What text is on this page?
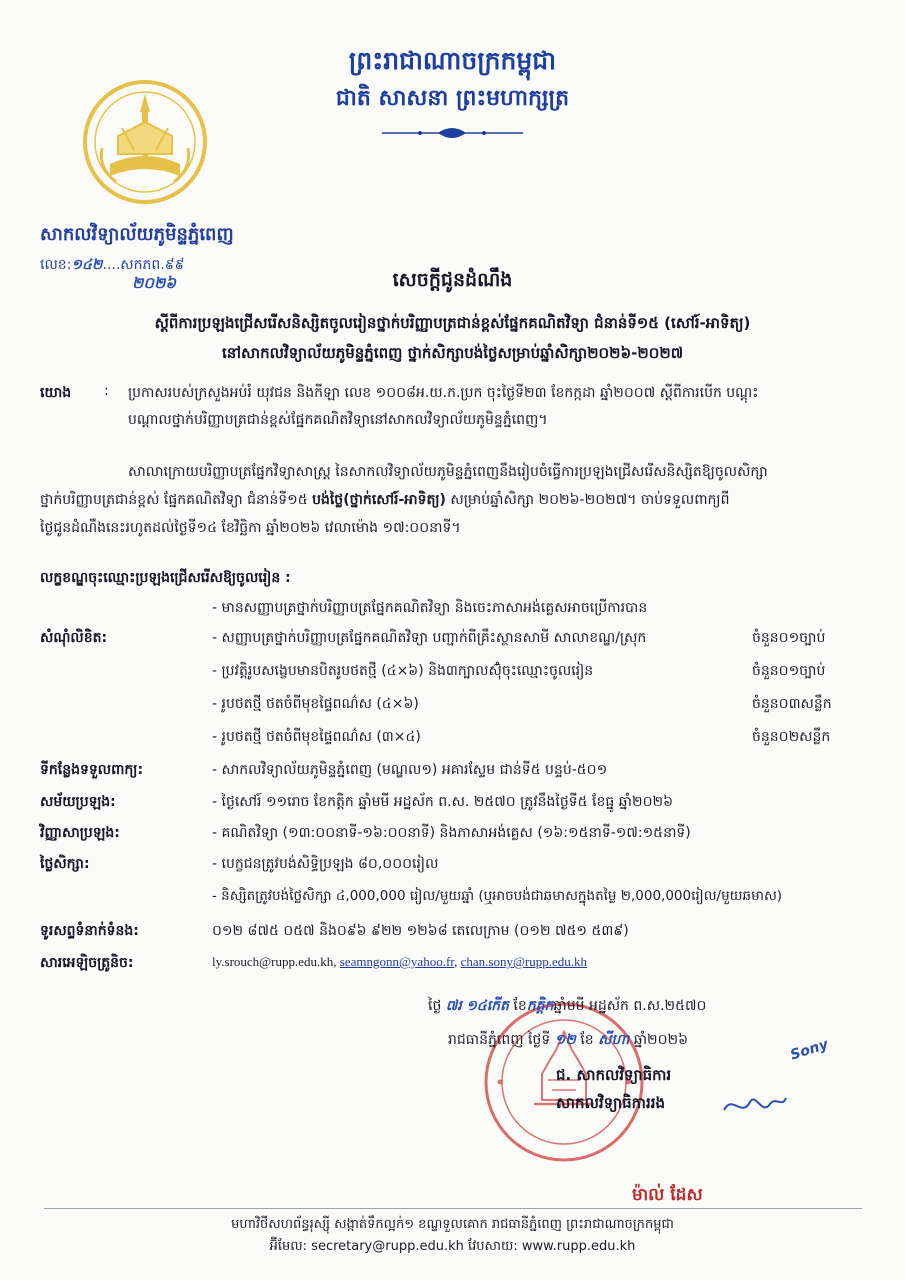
ព្រះរាជាណាចក្រកម្ពុជា
ជាតិ សាសនា ព្រះមហាក្សត្រ
សាកលវិទ្យាល័យភូមិន្ទភ្នំពេញ
លេខ:១៤២....សកភព.៩៩
២០២៦	សេចក្ដីជូនដំណឹង
ស្ដីពីការប្រឡងជ្រើសរើសនិស្សិតចូលរៀនថ្នាក់បរិញ្ញាបត្រជាន់ខ្ពស់ផ្នែកគណិតវិទ្យា ជំនាន់ទី១៥ (សៅរ៍-អាទិត្យ)
នៅសាកលវិទ្យាល័យភូមិន្ទភ្នំពេញ ថ្នាក់សិក្សាបង់ថ្លៃសម្រាប់ឆ្នាំសិក្សា២០២៦-២០២៧
យោង : ប្រកាសរបស់ក្រសួងអប់រំ យុវជន និងកីឡា លេខ ១០០៨អ.យ.ក.ប្រក ចុះថ្ងៃទី២៣ ខែកក្កដា ឆ្នាំ២០០៧ ស្ដីពីការបើក បណ្ដុះ
បណ្ដាលថ្នាក់បរិញ្ញាបត្រជាន់ខ្ពស់ផ្នែកគណិតវិទ្យានៅសាកលវិទ្យាល័យភូមិន្ទភ្នំពេញ។
សាលាក្រោយបរិញ្ញាបត្រផ្នែកវិទ្យាសាស្ត្រ នៃសាកលវិទ្យាល័យភូមិន្ទភ្នំពេញនឹងរៀបចំធ្វើការប្រឡងជ្រើសរើសនិស្សិតឱ្យចូលសិក្សា
ថ្នាក់បរិញ្ញាបត្រជាន់ខ្ពស់ ផ្នែកគណិតវិទ្យា ជំនាន់ទី១៥ បង់ថ្លៃ(ថ្នាក់សៅរ៍-អាទិត្យ) សម្រាប់ឆ្នាំសិក្សា ២០២៦-២០២៧។ ចាប់ទទួលពាក្យពី
ថ្ងៃជូនដំណឹងនេះរហូតដល់ថ្ងៃទី១៤ ខែវិច្ឆិកា ឆ្នាំ២០២៦ វេលាម៉ោង ១៧:០០នាទី។
លក្ខខណ្ឌចុះឈ្មោះប្រឡងជ្រើសរើសឱ្យចូលរៀន :
- មានសញ្ញាបត្រថ្នាក់បរិញ្ញាបត្រផ្នែកគណិតវិទ្យា និងចេះភាសាអង់គ្លេសអាចប្រើការបាន
សំណុំលិខិត:	- សញ្ញាបត្រថ្នាក់បរិញ្ញាបត្រផ្នែកគណិតវិទ្យា បញ្ជាក់ពីគ្រឹះស្ថានសាមី សាលាខណ្ឌ/ស្រុក	ចំនួន០១ច្បាប់
- ប្រវត្តិរូបសង្ខេបមានបិតរូបថតថ្មី (៤×៦) និង៣ក្បាលស៊ុំចុះឈ្មោះចូលរៀន	ចំនួន០១ច្បាប់
- រូបថតថ្មី ថតចំពីមុខផ្ទៃពណ៌ស (៤×៦)	ចំនួន០៣សន្លឹក
- រូបថតថ្មី ថតចំពីមុខផ្ទៃពណ៌ស (៣×៤)	ចំនួន០២សន្លឹក
ទីកន្លែងទទួលពាក្យ:	- សាកលវិទ្យាល័យភូមិន្ទភ្នំពេញ (មណ្ឌល១) អគារស្ទែម ជាន់ទី៥ បន្ទប់-៥០១
សម័យប្រឡង:	- ថ្ងៃសៅរ៍ ១១រោច ខែកត្ដិក ឆ្នាំមមី អដ្ឋស័ក ព.ស. ២៥៧០ ត្រូវនឹងថ្ងៃទី៥ ខែធ្នូ ឆ្នាំ២០២៦
វិញ្ញាសាប្រឡង:	- គណិតវិទ្យា (១៣:០០នាទី-១៦:០០នាទី) និងភាសាអង់គ្លេស (១៦:១៥នាទី-១៧:១៥នាទី)
ថ្លៃសិក្សា:	- បេក្ខជនត្រូវបង់សិទ្ធិប្រឡង ៨០,០០០រៀល
- និស្សិតត្រូវបង់ថ្លៃសិក្សា ៤,000,000 រៀល/មួយឆ្នាំ (ឬអាចបង់ជាឆមាសក្នុងតម្លៃ ២,000,000រៀល/មួយឆមាស)
ទូរសព្ទទំនាក់ទំនង:	០១២ ៨៧៥ ០៥៧ និង០៩៦ ៩២២ ១២៦៨ តេលេក្រាម (០១២ ៧៥១ ៥៣៩)
សារអេឡិចត្រូនិច:	ly.srouch@rupp.edu.kh, seamngonn@yahoo.fr, chan.sony@rupp.edu.kh
ថ្ងៃ ៧រ ១៤កើត ខែកត្ដិកឆ្នាំមមី អដ្ឋស័ក ព.ស.២៥៧០
រាជធានីភ្នំពេញ ថ្ងៃទី ១២ ខែ សីហា ឆ្នាំ២០២៦	Sony
ជ. សាកលវិទ្យាធិការ
សាកលវិទ្យាធិការរង
ម៉ាល់ ដែស
មហាវិថីសហព័ន្ធរុស្ស៊ី សង្កាត់ទឹកល្អក់១ ខណ្ឌទួលគោក រាជធានីភ្នំពេញ ព្រះរាជាណាចក្រកម្ពុជា
អ៊ីមែល: secretary@rupp.edu.kh វែបសាយ: www.rupp.edu.kh
